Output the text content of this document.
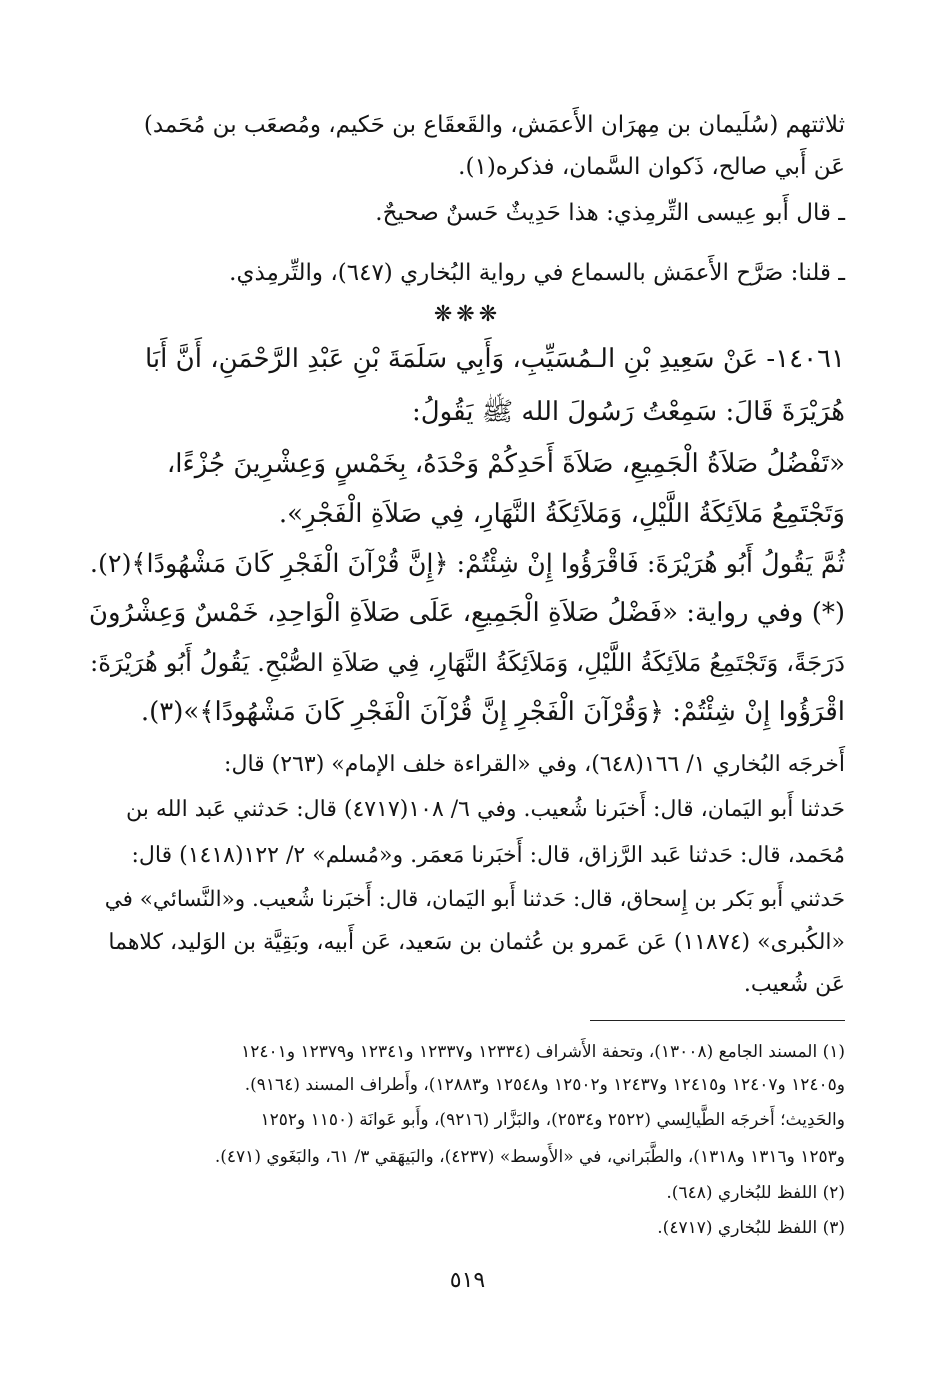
ثلاثتهم (سُلَيمان بن مِهرَان الأَعمَش، والقَعقَاع بن حَكيم، ومُصعَب بن مُحَمد)
عَن أَبي صالح، ذَكوان السَّمان، فذكره(١).
ـ قال أَبو عِيسى التِّرمِذي: هذا حَدِيثٌ حَسنٌ صحيحٌ.
ـ قلنا: صَرَّح الأَعمَش بالسماع في رواية البُخاري (٦٤٧)، والتِّرمِذي.
❋❋❋
١٤٠٦١- عَنْ سَعِيدِ بْنِ الـمُسَيِّبِ، وَأَبِي سَلَمَةَ بْنِ عَبْدِ الرَّحْمَنِ، أَنَّ أَبَا
هُرَيْرَةَ قَالَ: سَمِعْتُ رَسُولَ الله ﷺ يَقُولُ:
«تَفْضُلُ صَلاَةُ الْجَمِيعِ، صَلاَةَ أَحَدِكُمْ وَحْدَهُ، بِخَمْسٍ وَعِشْرِينَ جُزْءًا،
وَتَجْتَمِعُ مَلاَئِكَةُ اللَّيْلِ، وَمَلاَئِكَةُ النَّهَارِ، فِي صَلاَةِ الْفَجْرِ».
ثُمَّ يَقُولُ أَبُو هُرَيْرَةَ: فَاقْرَؤُوا إِنْ شِئْتُمْ: ﴿إِنَّ قُرْآنَ الْفَجْرِ كَانَ مَشْهُودًا﴾(٢).
(*) وفي رواية: «فَضْلُ صَلاَةِ الْجَمِيعِ، عَلَى صَلاَةِ الْوَاحِدِ، خَمْسٌ وَعِشْرُونَ
دَرَجَةً، وَتَجْتَمِعُ مَلاَئِكَةُ اللَّيْلِ، وَمَلاَئِكَةُ النَّهَارِ، فِي صَلاَةِ الصُّبْحِ. يَقُولُ أَبُو هُرَيْرَةَ:
اقْرَؤُوا إِنْ شِئْتُمْ: ﴿وَقُرْآنَ الْفَجْرِ إِنَّ قُرْآنَ الْفَجْرِ كَانَ مَشْهُودًا﴾»(٣).
أَخرجَه البُخاري ١/ ١٦٦(٦٤٨)، وفي «القراءة خلف الإمام» (٢٦٣) قال:
حَدثنا أَبو اليَمان، قال: أَخبَرنا شُعيب. وفي ٦/ ١٠٨(٤٧١٧) قال: حَدثني عَبد الله بن
مُحَمد، قال: حَدثنا عَبد الرَّزاق، قال: أَخبَرنا مَعمَر. و«مُسلم» ٢/ ١٢٢(١٤١٨) قال:
حَدثني أَبو بَكر بن إِسحاق، قال: حَدثنا أَبو اليَمان، قال: أَخبَرنا شُعيب. و«النَّسائي» في
«الكُبرى» (١١٨٧٤) عَن عَمرو بن عُثمان بن سَعيد، عَن أَبيه، وبَقِيَّة بن الوَليد، كلاهما
عَن شُعيب.
(١) المسند الجامع (١٣٠٠٨)، وتحفة الأَشراف (١٢٣٣٤ و١٢٣٣٧ و١٢٣٤١ و١٢٣٧٩ و١٢٤٠١
و١٢٤٠٥ و١٢٤٠٧ و١٢٤١٥ و١٢٤٣٧ و١٢٥٠٢ و١٢٥٤٨ و١٢٨٨٣)، وأَطراف المسند (٩١٦٤).
والحَدِيث؛ أَخرجَه الطَّيالِسي (٢٥٢٢ و٢٥٣٤)، والبَزَّار (٩٢١٦)، وأَبو عَوانَة (١١٥٠ و١٢٥٢
و١٢٥٣ و١٣١٦ و١٣١٨)، والطَّبَراني، في «الأَوسط» (٤٢٣٧)، والبَيهَقي ٣/ ٦١، والبَغَوي (٤٧١).
(٢) اللفظ للبُخاري (٦٤٨).
(٣) اللفظ للبُخاري (٤٧١٧).
٥١٩
